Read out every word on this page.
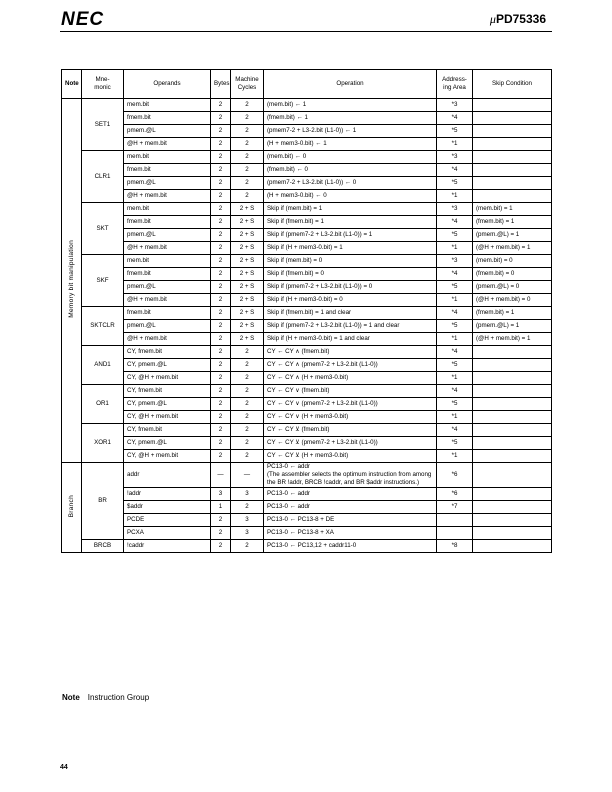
NEC	μPD75336
Note	Mne-
monic	Operands	Bytes	Machine
Cycles	Operation	Address-
ing Area	Skip Condition
Memory bit manipulation	SET1	mem.bit	2	2	(mem.bit) ← 1	*3	
		fmem.bit	2	2	(fmem.bit) ← 1	*4	
		pmem.@L	2	2	(pmem7-2 + L3-2.bit (L1-0)) ← 1	*5	
		@H + mem.bit	2	2	(H + mem3-0.bit) ← 1	*1	
	CLR1	mem.bit	2	2	(mem.bit) ← 0	*3	
		fmem.bit	2	2	(fmem.bit) ← 0	*4	
		pmem.@L	2	2	(pmem7-2 + L3-2.bit (L1-0)) ← 0	*5	
		@H + mem.bit	2	2	(H + mem3-0.bit) ← 0	*1	
	SKT	mem.bit	2	2 + S	Skip if (mem.bit) = 1	*3	(mem.bit) = 1
		fmem.bit	2	2 + S	Skip if (fmem.bit) = 1	*4	(fmem.bit) = 1
		pmem.@L	2	2 + S	Skip if (pmem7-2 + L3-2.bit (L1-0)) = 1	*5	(pmem.@L) = 1
		@H + mem.bit	2	2 + S	Skip if (H + mem3-0.bit) = 1	*1	(@H + mem.bit) = 1
	SKF	mem.bit	2	2 + S	Skip if (mem.bit) = 0	*3	(mem.bit) = 0
		fmem.bit	2	2 + S	Skip if (fmem.bit) = 0	*4	(fmem.bit) = 0
		pmem.@L	2	2 + S	Skip if (pmem7-2 + L3-2.bit (L1-0)) = 0	*5	(pmem.@L) = 0
		@H + mem.bit	2	2 + S	Skip if (H + mem3-0.bit) = 0	*1	(@H + mem.bit) = 0
	SKTCLR	fmem.bit	2	2 + S	Skip if (fmem.bit) = 1 and clear	*4	(fmem.bit) = 1
		pmem.@L	2	2 + S	Skip if (pmem7-2 + L3-2.bit (L1-0)) = 1 and clear	*5	(pmem.@L) = 1
		@H + mem.bit	2	2 + S	Skip if (H + mem3-0.bit) = 1 and clear	*1	(@H + mem.bit) = 1
	AND1	CY, fmem.bit	2	2	CY ← CY ∧ (fmem.bit)	*4	
		CY, pmem.@L	2	2	CY ← CY ∧ (pmem7-2 + L3-2.bit (L1-0))	*5	
		CY, @H + mem.bit	2	2	CY ← CY ∧ (H + mem3-0.bit)	*1	
	OR1	CY, fmem.bit	2	2	CY ← CY ∨ (fmem.bit)	*4	
		CY, pmem.@L	2	2	CY ← CY ∨ (pmem7-2 + L3-2.bit (L1-0))	*5	
		CY, @H + mem.bit	2	2	CY ← CY ∨ (H + mem3-0.bit)	*1	
	XOR1	CY, fmem.bit	2	2	CY ← CY ⊻ (fmem.bit)	*4	
		CY, pmem.@L	2	2	CY ← CY ⊻ (pmem7-2 + L3-2.bit (L1-0))	*5	
		CY, @H + mem.bit	2	2	CY ← CY ⊻ (H + mem3-0.bit)	*1	
Branch	BR	addr	—	—	PC13-0 ← addr
(The assembler selects the optimum instruction from among the BR !addr, BRCB !caddr, and BR $addr instructions.)	*6	
		!addr	3	3	PC13-0 ← addr	*6	
		$addr	1	2	PC13-0 ← addr	*7	
		PCDE	2	3	PC13-0 ← PC13-8 + DE		
		PCXA	2	3	PC13-0 ← PC13-8 + XA		
	BRCB	!caddr	2	2	PC13-0 ← PC13,12 + caddr11-0	*8	
Note Instruction Group
44
